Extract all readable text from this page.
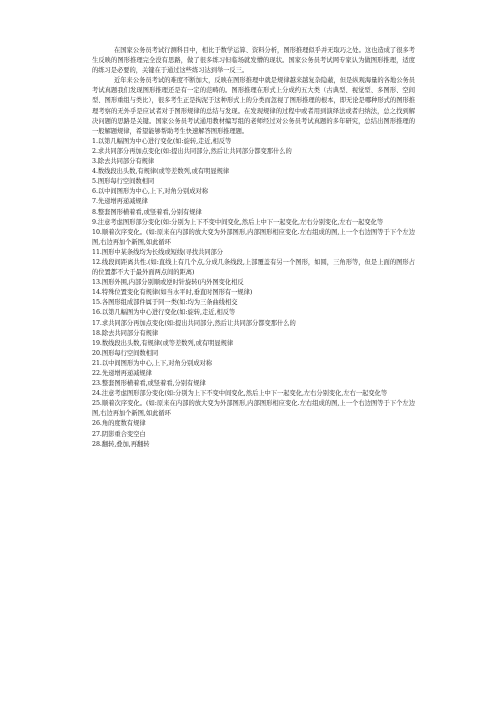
在国家公务员考试行测科目中，相比于数学运算、资料分析，图形推理似乎并无取巧之处。这也造成了很多考生反映的图形推理完全没有思路，做了很多练习但临场就发懵的现状。国家公务员考试网专家认为做图形推理，适度的练习是必要的，关键在于通过这些练习达到举一反三。

近年来公务员考试的难度不断加大，反映在图形推理中就是规律越来越复杂隐蔽，但是纵观海量的各地公务员考试真题我们发现图形推理还是有一定的范畴的。图形推理在形式上分成约五大类（古典型、视觉型、多图形、空间型、图形重组与类比），很多考生正是拘泥于这种形式上的分类而忽视了图形推理的根本，即无论是哪种形式的图形推理考察的无外乎是应试者对于图形规律的总结与发现。在发现规律的过程中或者用到演绎法或者归纳法，总之找到解决问题的思路是关键。国家公务员考试通用教材编写组的老师经过对公务员考试真题的多年研究，总结出图形推理的一般解题规律，希望能够帮助考生快速解答图形推理题。

1.以第几幅图为中心进行变化(如:旋转,走近,相反等

2.求共同部分再加点变化(如:提出共同部分,然后让共同部分都变那什么的

3.除去共同部分有规律

4.数线段出头数,有规律(或等差数列,或有明显规律

5.图形每行空间数相同

6.以中间图形为中心,上下,对角分别成对称

7.先递增再递减规律

8.整套图形横着看,或竖着看,分别有规律

9.注意考虑图形部分变化(如:分别为上下不变中间变化,然后上中下一起变化,左右分别变化,左右一起变化等

10.顺着次序变化。(如:原来在内部的放大变为外部图形,内部图形相应变化.左右组成的图,上一个右边图等于下个左边图,右边再加个新图,如此循环

11.图形中某条线均为长线或短线(寻找共同部分

12.线段间距离共性.(如:直线上有几个点,分成几条线段,上部覆盖有另一个图形，如圆，三角形等，但是上面的图形占的位置都不大于最外面两点间的距离)

13.图形外围,内部分别顺或逆时针旋转(内外图变化相反

14.特殊位置变化有规律(如当水平时,垂直时图形有一规律)

15.各图形组成部件属于同一类(如:均为三条曲线相交

16.以第几幅图为中心进行变化(如:旋转,走近,相反等

17.求共同部分再加点变化(如:提出共同部分,然后让共同部分都变那什么的

18.除去共同部分有规律

19.数线段出头数,有规律(或等差数列,或有明显规律

20.图形每行空间数相同

21.以中间图形为中心,上下,对角分别成对称

22.先递增再递减规律

23.整套图形横着看,或竖着看,分别有规律

24.注意考虑图形部分变化(如:分别为上下不变中间变化,然后上中下一起变化,左右分别变化,左右一起变化等

25.顺着次序变化。(如:原来在内部的放大变为外部图形,内部图形相应变化.左右组成的图,上一个右边图等于下个左边图,右边再加个新图,如此循环

26.角的度数有规律

27.阴影重合变空白

28.翻转,叠加,再翻转
